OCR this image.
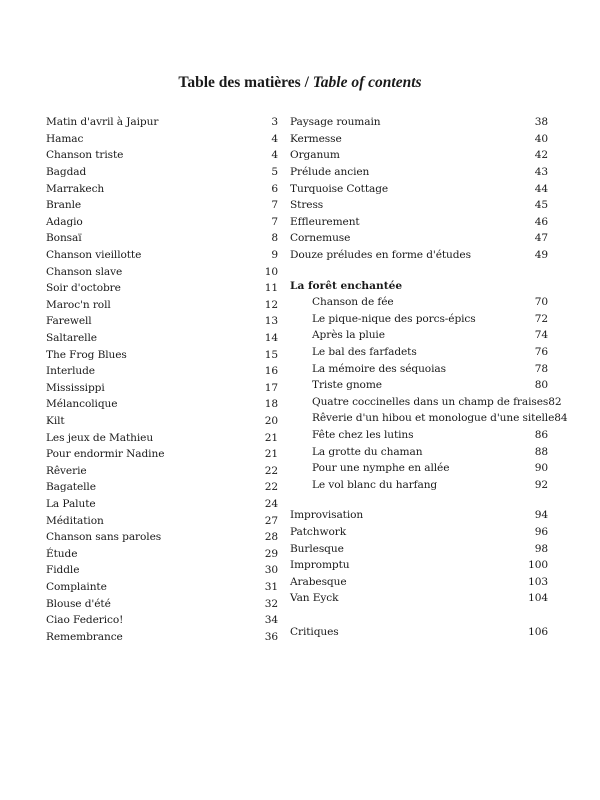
Table des matières / Table of contents
Matin d'avril à Jaipur	3
Hamac	4
Chanson triste	4
Bagdad	5
Marrakech	6
Branle	7
Adagio	7
Bonsaï	8
Chanson vieillotte	9
Chanson slave	10
Soir d'octobre	11
Maroc'n roll	12
Farewell	13
Saltarelle	14
The Frog Blues	15
Interlude	16
Mississippi	17
Mélancolique	18
Kilt	20
Les jeux de Mathieu	21
Pour endormir Nadine	21
Rêverie	22
Bagatelle	22
La Palute	24
Méditation	27
Chanson sans paroles	28
Étude	29
Fiddle	30
Complainte	31
Blouse d'été	32
Ciao Federico!	34
Remembrance	36
Paysage roumain	38
Kermesse	40
Organum	42
Prélude ancien	43
Turquoise Cottage	44
Stress	45
Effleurement	46
Cornemuse	47
Douze préludes en forme d'études	49
La forêt enchantée
Chanson de fée	70
Le pique-nique des porcs-épics	72
Après la pluie	74
Le bal des farfadets	76
La mémoire des séquoias	78
Triste gnome	80
Quatre coccinelles dans un champ de fraises 82
Rêverie d'un hibou et monologue d'une sitelle 84
Fête chez les lutins	86
La grotte du chaman	88
Pour une nymphe en allée	90
Le vol blanc du harfang	92
Improvisation	94
Patchwork	96
Burlesque	98
Impromptu	100
Arabesque	103
Van Eyck	104
Critiques	106
